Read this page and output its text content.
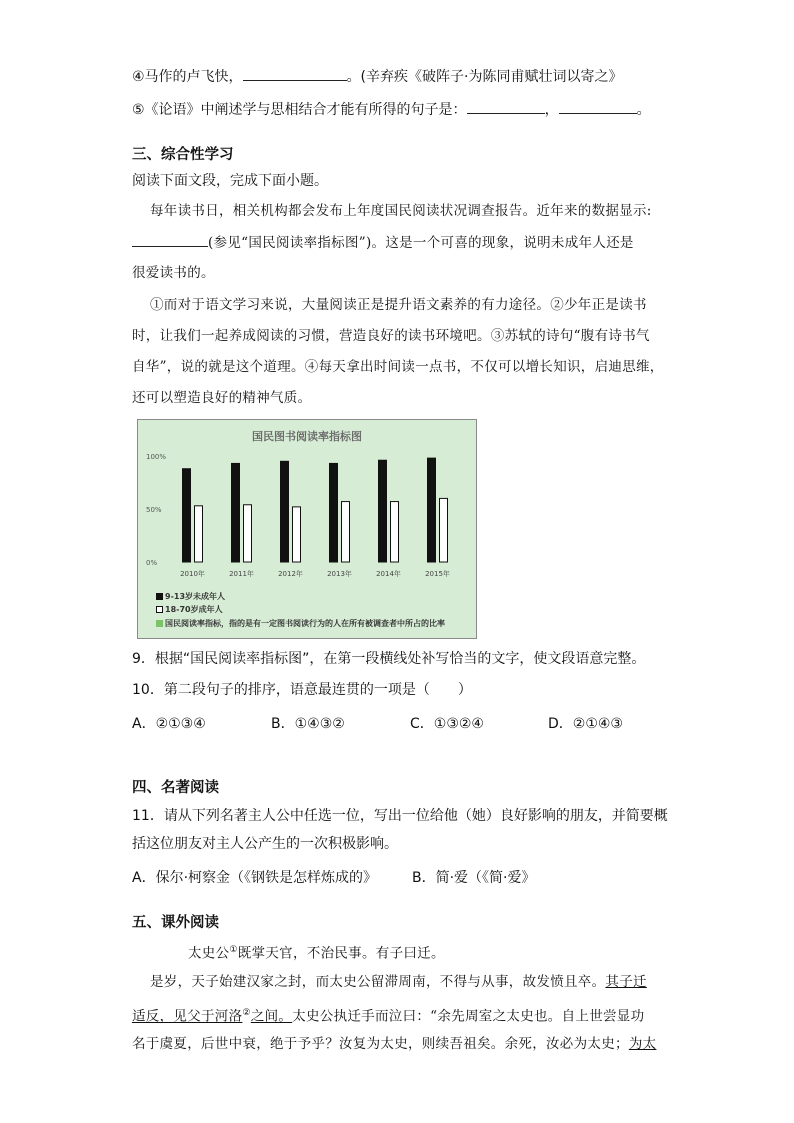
④马作的卢飞快，	。(辛弃疾《破阵子·为陈同甫赋壮词以寄之》
⑤《论语》中阐述学与思相结合才能有所得的句子是：	，	。
三、综合性学习
阅读下面文段，完成下面小题。
每年读书日，相关机构都会发布上年度国民阅读状况调查报告。近年来的数据显示:
(参见“国民阅读率指标图”)。这是一个可喜的现象，说明未成年人还是
很爱读书的。
①而对于语文学习来说，大量阅读正是提升语文素养的有力途径。②少年正是读书
时，让我们一起养成阅读的习惯，营造良好的读书环境吧。③苏轼的诗句“腹有诗书气
自华”，说的就是这个道理。④每天拿出时间读一点书，不仅可以增长知识，启迪思维，
还可以塑造良好的精神气质。
国民图书阅读率指标图
100%
50%
0%
2010年	2011年	2012年	2013年	2014年	2015年
9-13岁未成年人
18-70岁成年人
国民阅读率指标，指的是有一定图书阅读行为的人在所有被调查者中所占的比率
9．根据“国民阅读率指标图”，在第一段横线处补写恰当的文字，使文段语意完整。
10．第二段句子的排序，语意最连贯的一项是（　　）
A．②①③④	B．①④③②	C．①③②④	D．②①④③
四、名著阅读
11．请从下列名著主人公中任选一位，写出一位给他（她）良好影响的朋友，并简要概
括这位朋友对主人公产生的一次积极影响。
A．保尔·柯察金（《钢铁是怎样炼成的》 B．简·爱（《简·爱》
五、课外阅读
太史公①既掌天官，不治民事。有子曰迁。
是岁，天子始建汉家之封，而太史公留滞周南，不得与从事，故发愤且卒。其子迁
适反，见父于河洛②之间。太史公执迁手而泣曰：“余先周室之太史也。自上世尝显功
名于虞夏，后世中衰，绝于予乎？汝复为太史，则续吾祖矣。余死，汝必为太史；为太
